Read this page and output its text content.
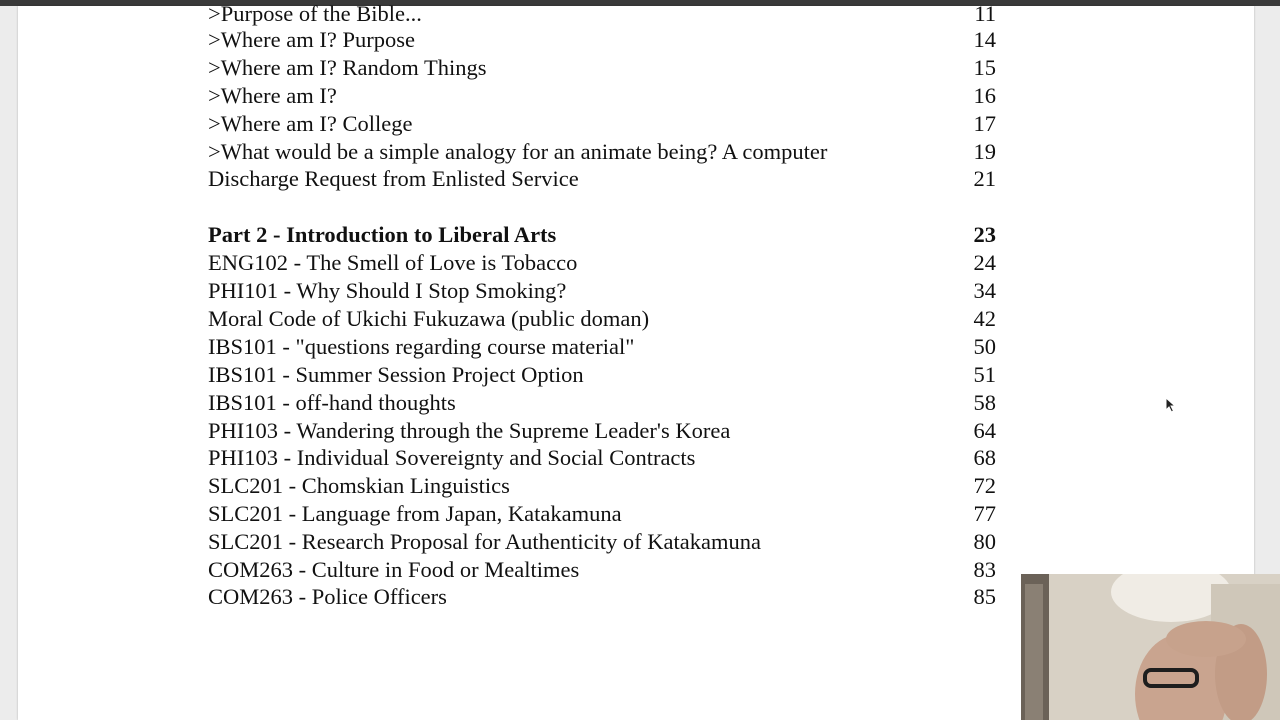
>Purpose of the Bible...	11
>Where am I? Purpose	14
>Where am I? Random Things	15
>Where am I?	16
>Where am I? College	17
>What would be a simple analogy for an animate being? A computer	19
Discharge Request from Enlisted Service	21
Part 2 - Introduction to Liberal Arts	23
ENG102 - The Smell of Love is Tobacco	24
PHI101 - Why Should I Stop Smoking?	34
Moral Code of Ukichi Fukuzawa (public doman)	42
IBS101 - "questions regarding course material"	50
IBS101 - Summer Session Project Option	51
IBS101 - off-hand thoughts	58
PHI103 - Wandering through the Supreme Leader's Korea	64
PHI103 - Individual Sovereignty and Social Contracts	68
SLC201 - Chomskian Linguistics	72
SLC201 - Language from Japan, Katakamuna	77
SLC201 - Research Proposal for Authenticity of Katakamuna	80
COM263 - Culture in Food or Mealtimes	83
COM263 - Police Officers	85
